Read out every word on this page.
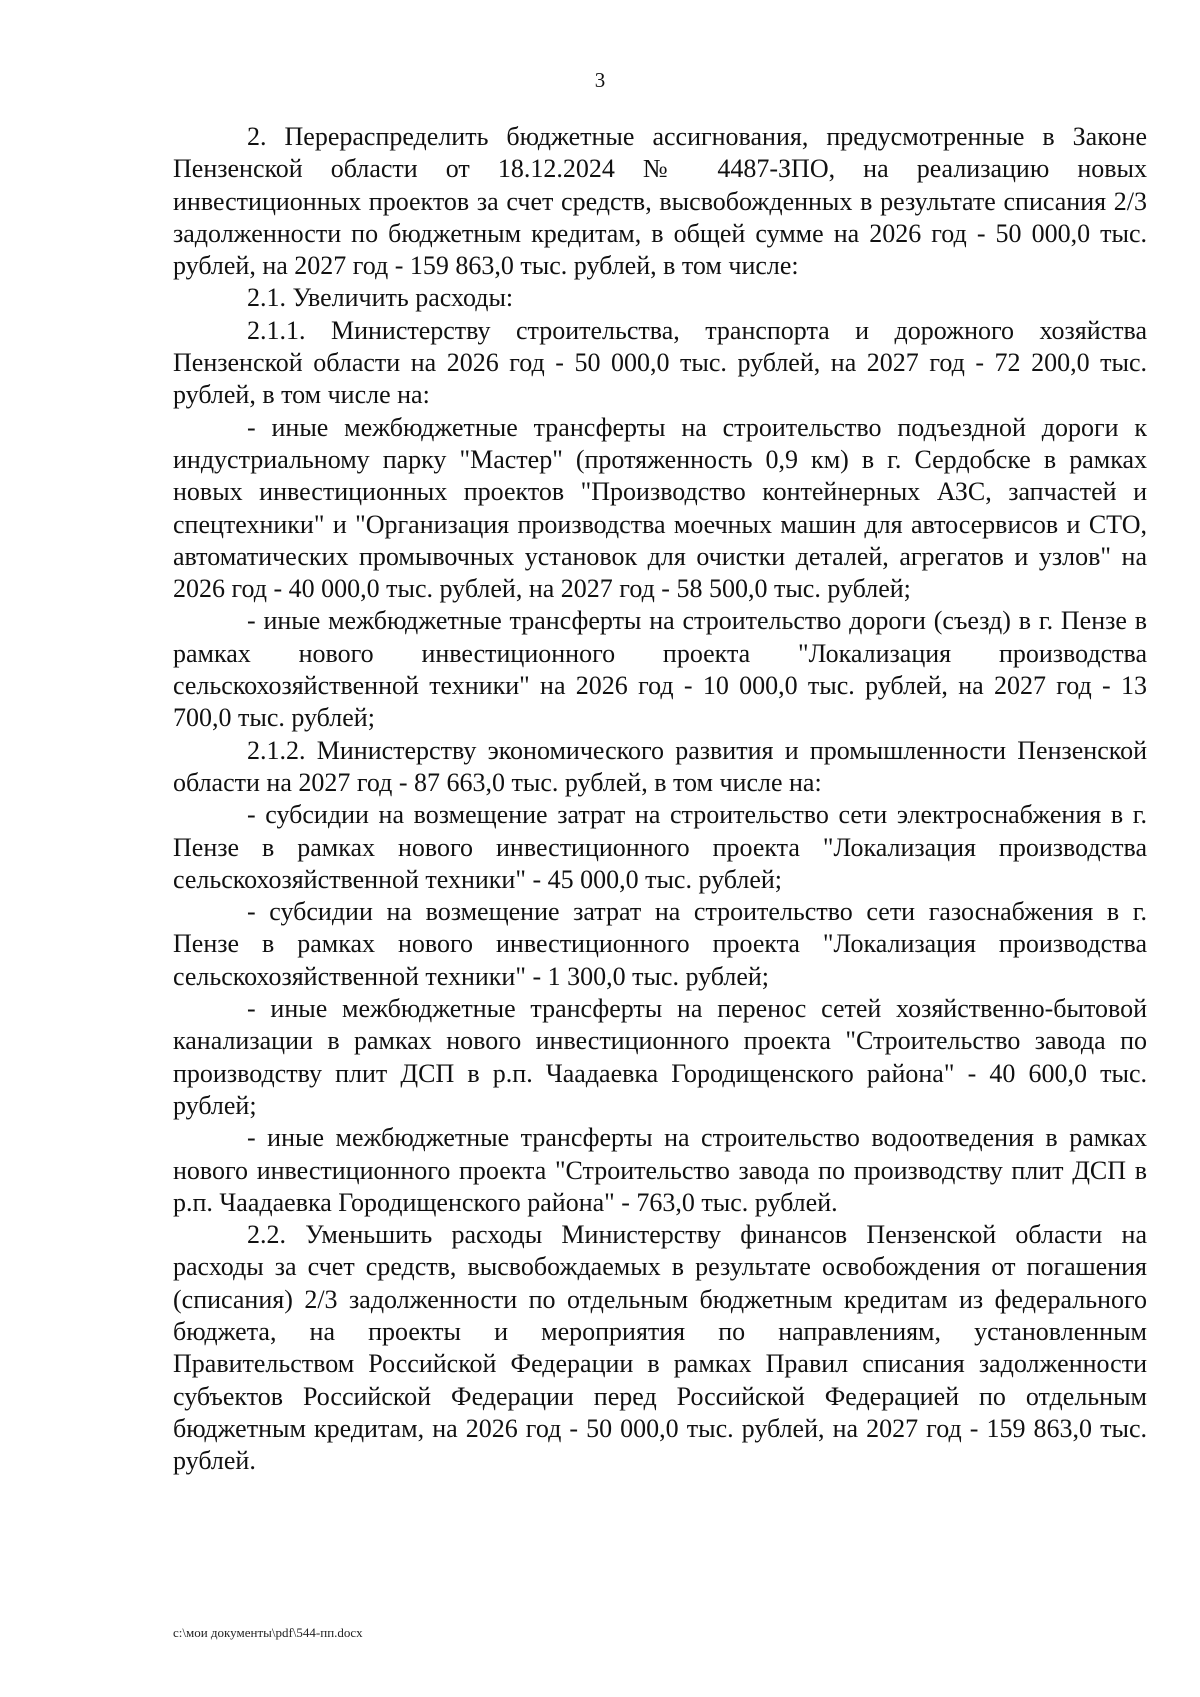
3

2. Перераспределить бюджетные ассигнования, предусмотренные в Законе Пензенской области от 18.12.2024 № 4487-ЗПО, на реализацию новых инвестиционных проектов за счет средств, высвобожденных в результате списания 2/3 задолженности по бюджетным кредитам, в общей сумме на 2026 год - 50 000,0 тыс. рублей, на 2027 год - 159 863,0 тыс. рублей, в том числе:

2.1. Увеличить расходы:

2.1.1. Министерству строительства, транспорта и дорожного хозяйства Пензенской области на 2026 год - 50 000,0 тыс. рублей, на 2027 год - 72 200,0 тыс. рублей, в том числе на:

- иные межбюджетные трансферты на строительство подъездной дороги к индустриальному парку "Мастер" (протяженность 0,9 км) в г. Сердобске в рамках новых инвестиционных проектов "Производство контейнерных АЗС, запчастей и спецтехники" и "Организация производства моечных машин для автосервисов и СТО, автоматических промывочных установок для очистки деталей, агрегатов и узлов" на 2026 год - 40 000,0 тыс. рублей, на 2027 год - 58 500,0 тыс. рублей;

- иные межбюджетные трансферты на строительство дороги (съезд) в г. Пензе в рамках нового инвестиционного проекта "Локализация производства сельскохозяйственной техники" на 2026 год - 10 000,0 тыс. рублей, на 2027 год - 13 700,0 тыс. рублей;

2.1.2. Министерству экономического развития и промышленности Пензенской области на 2027 год - 87 663,0 тыс. рублей, в том числе на:

- субсидии на возмещение затрат на строительство сети электроснабжения в г. Пензе в рамках нового инвестиционного проекта "Локализация производства сельскохозяйственной техники" - 45 000,0 тыс. рублей;

- субсидии на возмещение затрат на строительство сети газоснабжения в г. Пензе в рамках нового инвестиционного проекта "Локализация производства сельскохозяйственной техники" - 1 300,0 тыс. рублей;

- иные межбюджетные трансферты на перенос сетей хозяйственно-бытовой канализации в рамках нового инвестиционного проекта "Строительство завода по производству плит ДСП в р.п. Чаадаевка Городищенского района" - 40 600,0 тыс. рублей;

- иные межбюджетные трансферты на строительство водоотведения в рамках нового инвестиционного проекта "Строительство завода по производству плит ДСП в р.п. Чаадаевка Городищенского района" - 763,0 тыс. рублей.

2.2. Уменьшить расходы Министерству финансов Пензенской области на расходы за счет средств, высвобождаемых в результате освобождения от погашения (списания) 2/3 задолженности по отдельным бюджетным кредитам из федерального бюджета, на проекты и мероприятия по направлениям, установленным Правительством Российской Федерации в рамках Правил списания задолженности субъектов Российской Федерации перед Российской Федерацией по отдельным бюджетным кредитам, на 2026 год - 50 000,0 тыс. рублей, на 2027 год - 159 863,0 тыс. рублей.

c:\мои документы\pdf\544-пп.docx
